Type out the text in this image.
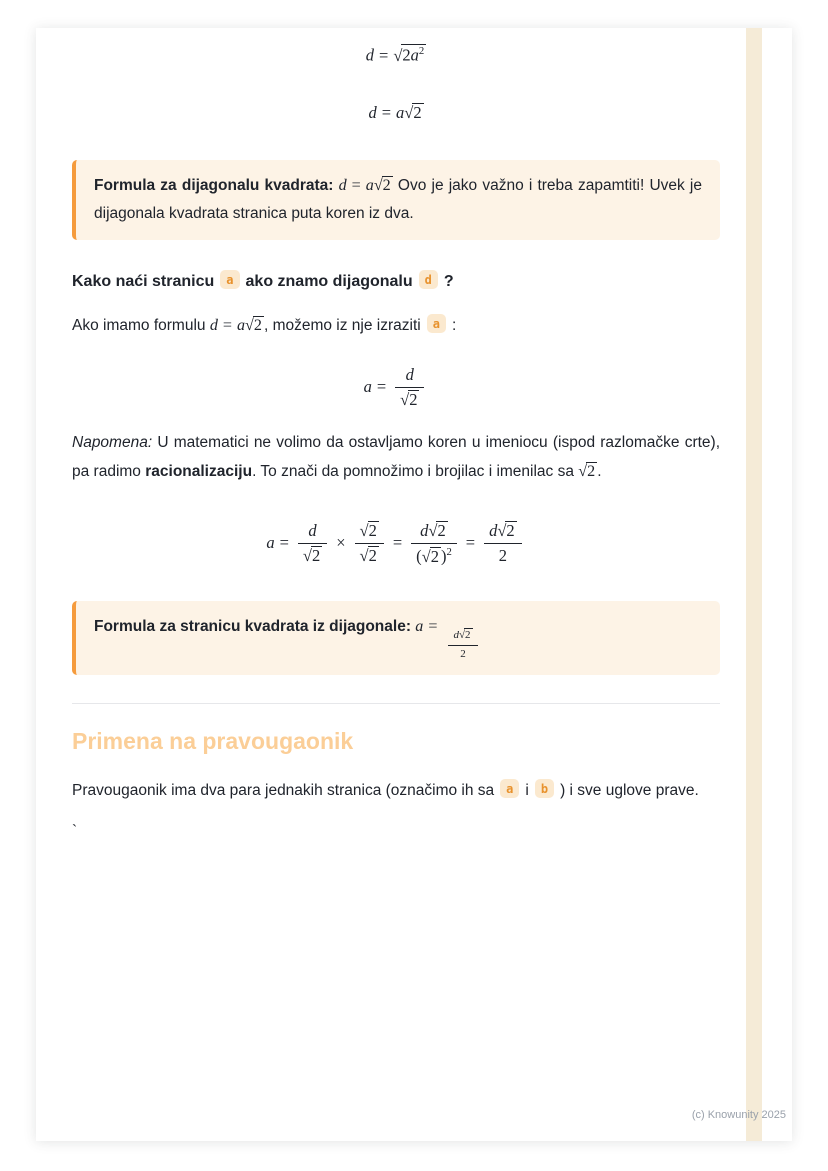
$d = √2a^2$
d = a√2

Formula za dijagonalu kvadrata: d = a√2 Ovo je jako važno i treba zapamtiti! Uvek je dijagonala kvadrata stranica puta koren iz dva.

Kako naći stranicu a ako znamo dijagonalu d ?

Ako imamo formulu d = a√2 , možemo iz nje izraziti a :

$a = \frac{d}{√2}$

Napomena: U matematici ne volimo da ostavljamo koren u imeniocu (ispod razlomačke crte), pa radimo racionalizaciju. To znači da pomnožimo i brojilac i imenilac sa √2 .

$a = \frac{d}{√2} \times \frac{√2}{√2} = \frac{d√2}{(√2 )^2} = \frac{d√2}{2}$

Formula za stranicu kvadrata iz dijagonale: a =
$\frac{d√2}{2}$

Primena na pravougaonik

Pravougaonik ima dva para jednakih stranica (označimo ih sa a i b ) i sve uglove prave.

`

(c) Knowunity 2025
